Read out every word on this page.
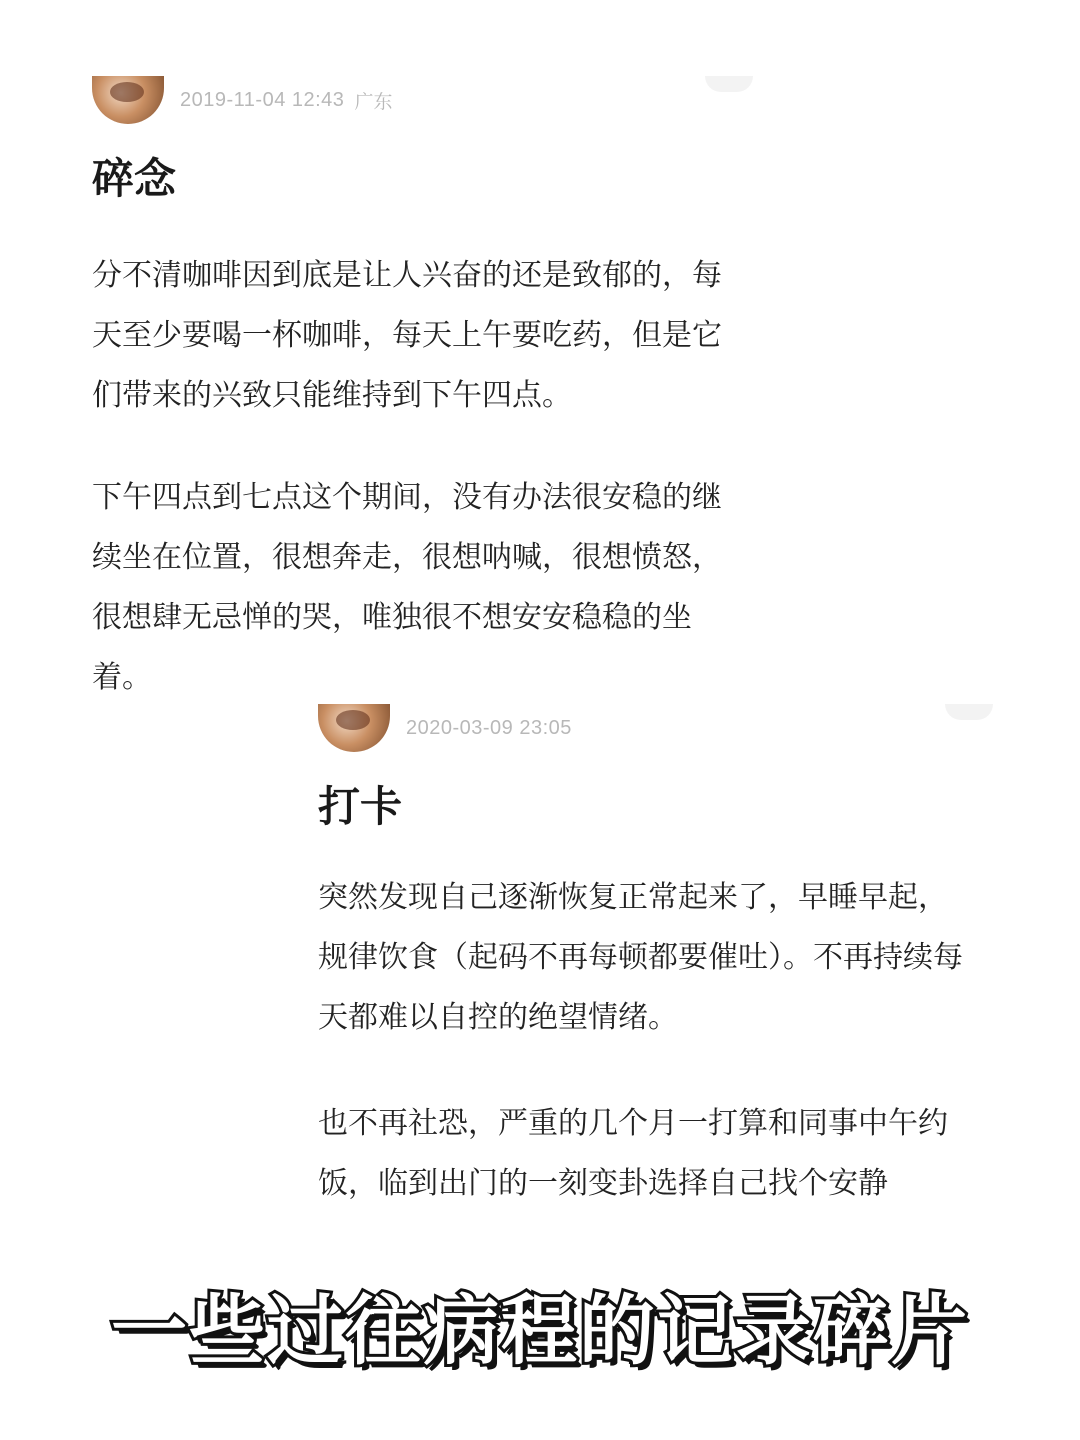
2019-11-04 12:43 广东
碎念

分不清咖啡因到底是让人兴奋的还是致郁的，每天至少要喝一杯咖啡，每天上午要吃药，但是它们带来的兴致只能维持到下午四点。

下午四点到七点这个期间，没有办法很安稳的继续坐在位置，很想奔走，很想呐喊，很想愤怒，很想肆无忌惮的哭，唯独很不想安安稳稳的坐着。

2020-03-09 23:05
打卡

突然发现自己逐渐恢复正常起来了，早睡早起，规律饮食（起码不再每顿都要催吐）。不再持续每天都难以自控的绝望情绪。

也不再社恐，严重的几个月一打算和同事中午约饭，临到出门的一刻变卦选择自己找个安静

一些过往病程的记录碎片
